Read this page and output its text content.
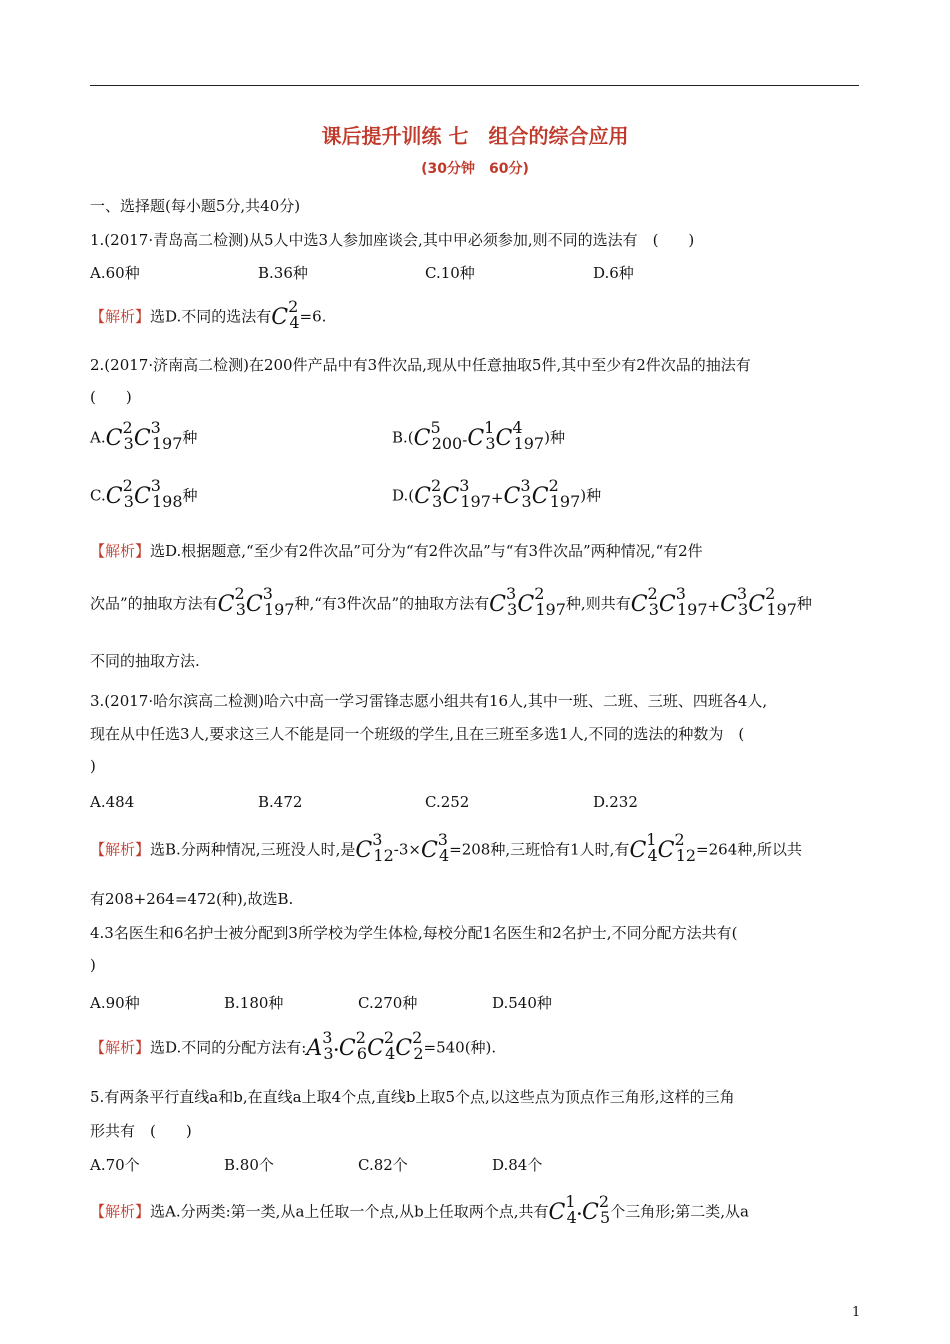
课后提升训练 七　组合的综合应用
(30分钟　60分)
一、选择题(每小题5分,共40分)
1.(2017·青岛高二检测)从5人中选3人参加座谈会,其中甲必须参加,则不同的选法有　(　　)
A.60种	B.36种	C.10种	D.6种
【解析】选D.不同的选法有C24=6.
2.(2017·济南高二检测)在200件产品中有3件次品,现从中任意抽取5件,其中至少有2件次品的抽法有
(　　)
A.C23C3197种	B.(C5200-C13C4197)种
C.C23C3198种	D.(C23C3197+C33C2197)种
【解析】选D.根据题意,“至少有2件次品”可分为“有2件次品”与“有3件次品”两种情况,“有2件
次品”的抽取方法有C23C3197种,“有3件次品”的抽取方法有C33C2197种,则共有C23C3197+C33C2197种
不同的抽取方法.
3.(2017·哈尔滨高二检测)哈六中高一学习雷锋志愿小组共有16人,其中一班、二班、三班、四班各4人,
现在从中任选3人,要求这三人不能是同一个班级的学生,且在三班至多选1人,不同的选法的种数为　(
)
A.484	B.472	C.252	D.232
【解析】选B.分两种情况,三班没人时,是C312-3×C34=208种,三班恰有1人时,有C14C212=264种,所以共
有208+264=472(种),故选B.
4.3名医生和6名护士被分配到3所学校为学生体检,每校分配1名医生和2名护士,不同分配方法共有(
)
A.90种	B.180种	C.270种	D.540种
【解析】选D.不同的分配方法有:A33·C26C24C22=540(种).
5.有两条平行直线a和b,在直线a上取4个点,直线b上取5个点,以这些点为顶点作三角形,这样的三角
形共有　(　　)
A.70个	B.80个	C.82个	D.84个
【解析】选A.分两类:第一类,从a上任取一个点,从b上任取两个点,共有C14·C25个三角形;第二类,从a
1
